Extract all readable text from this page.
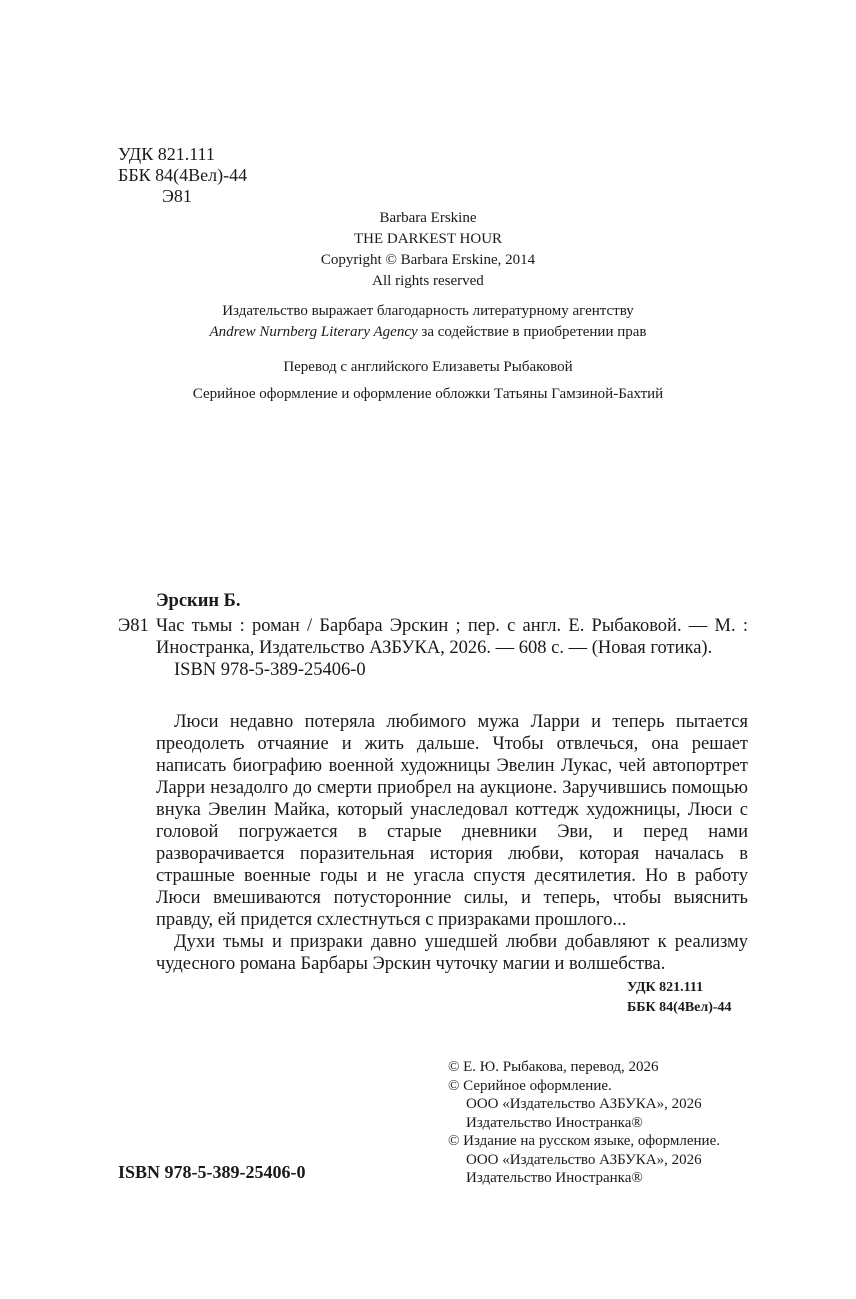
УДК 821.111
ББК 84(4Вел)-44
Э81
Barbara Erskine
THE DARKEST HOUR
Copyright © Barbara Erskine, 2014
All rights reserved
Издательство выражает благодарность литературному агентству
Andrew Nurnberg Literary Agency за содействие в приобретении прав
Перевод с английского Елизаветы Рыбаковой
Серийное оформление и оформление обложки Татьяны Гамзиной-Бахтий
Эрскин Б.
Э81 Час тьмы : роман / Барбара Эрскин ; пер. с англ. Е. Рыбаковой. — М. : Иностранка, Издательство АЗБУКА, 2026. — 608 с. — (Новая готика).
ISBN 978-5-389-25406-0

Люси недавно потеряла любимого мужа Ларри и теперь пытается преодолеть отчаяние и жить дальше. Чтобы отвлечься, она решает написать биографию военной художницы Эвелин Лукас, чей автопортрет Ларри незадолго до смерти приобрел на аукционе. Заручившись помощью внука Эвелин Майка, который унаследовал коттедж художницы, Люси с головой погружается в старые дневники Эви, и перед нами разворачивается поразительная история любви, которая началась в страшные военные годы и не угасла спустя десятилетия. Но в работу Люси вмешиваются потусторонние силы, и теперь, чтобы выяснить правду, ей придется схлестнуться с призраками прошлого...

Духи тьмы и призраки давно ушедшей любви добавляют к реализму чудесного романа Барбары Эрскин чуточку магии и волшебства.

УДК 821.111
ББК 84(4Вел)-44
© Е. Ю. Рыбакова, перевод, 2026
© Серийное оформление.
ООО «Издательство АЗБУКА», 2026
Издательство Иностранка®
© Издание на русском языке, оформление.
ООО «Издательство АЗБУКА», 2026
Издательство Иностранка®
ISBN 978-5-389-25406-0
